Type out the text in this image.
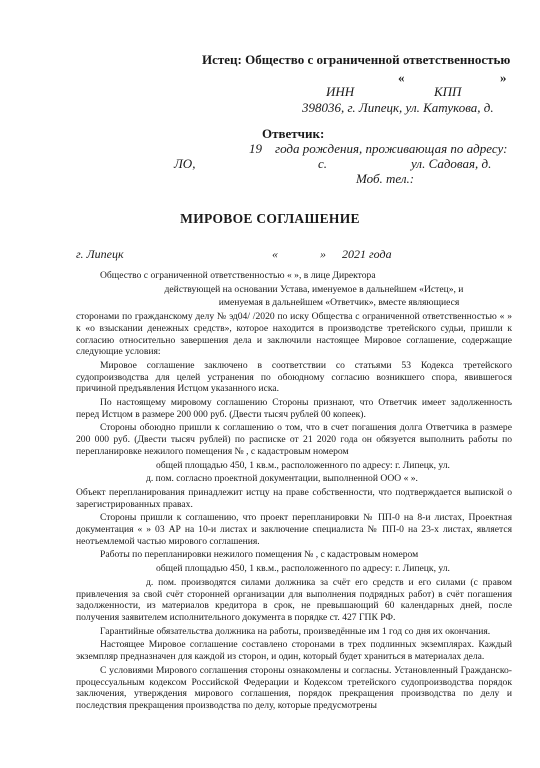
Истец: Общество с ограниченной ответственностью
«	»
ИНН	КПП
398036, г. Липецк, ул. Катукова, д.
Ответчик:
19 года рождения, проживающая по адресу:
ЛО,	с.	ул. Садовая, д.
Моб. тел.:
МИРОВОЕ СОГЛАШЕНИЕ
г. Липецк	«	» 2021 года

Общество с ограниченной ответственностью « », в лице Директора

действующей на основании Устава, именуемое в дальнейшем «Истец», и

именуемая в дальнейшем «Ответчик», вместе являющиеся

сторонами по гражданскому делу № эд04/ /2020 по иску Общества с ограниченной ответственностью « » к «о взыскании денежных средств», которое находится в производстве третейского судьи, пришли к согласию относительно завершения дела и заключили настоящее Мировое соглашение, содержащие следующие условия:

Мировое соглашение заключено в соответствии со статьями 53 Кодекса третейского судопроизводства для целей устранения по обоюдному согласию возникшего спора, явившегося причиной предъявления Истцом указанного иска.

По настоящему мировому соглашению Стороны признают, что Ответчик имеет задолженность перед Истцом в размере 200 000 руб. (Двести тысяч рублей 00 копеек).

Стороны обоюдно пришли к соглашению о том, что в счет погашения долга Ответчика в размере 200 000 руб. (Двести тысяч рублей) по расписке от 21 2020 года он обязуется выполнить работы по перепланировке нежилого помещения № , с кадастровым номером

общей площадью 450, 1 кв.м., расположенного по адресу: г. Липецк, ул.

д. пом. согласно проектной документации, выполненной ООО « ».

Объект перепланирования принадлежит истцу на праве собственности, что подтверждается выпиской о зарегистрированных правах.

Стороны пришли к соглашению, что проект перепланировки № ПП-0 на 8-и листах, Проектная документация « » 03 АР на 10-и листах и заключение специалиста № ПП-0 на 23-х листах, является неотъемлемой частью мирового соглашения.

Работы по перепланировки нежилого помещения № , с кадастровым номером

общей площадью 450, 1 кв.м., расположенного по адресу: г. Липецк, ул.

д. пом. производятся силами должника за счёт его средств и его силами (с правом привлечения за свой счёт сторонней организации для выполнения подрядных работ) в счёт погашения задолженности, из материалов кредитора в срок, не превышающий 60 календарных дней, после получения заявителем исполнительного документа в порядке ст. 427 ГПК РФ.

Гарантийные обязательства должника на работы, произведённые им 1 год со дня их окончания.

Настоящее Мировое соглашение составлено сторонами в трех подлинных экземплярах. Каждый экземпляр предназначен для каждой из сторон, и один, который будет храниться в материалах дела.

С условиями Мирового соглашения стороны ознакомлены и согласны. Установленный Гражданско-процессуальным кодексом Российской Федерации и Кодексом третейского судопроизводства порядок заключения, утверждения мирового соглашения, порядок прекращения производства по делу и последствия прекращения производства по делу, которые предусмотрены
